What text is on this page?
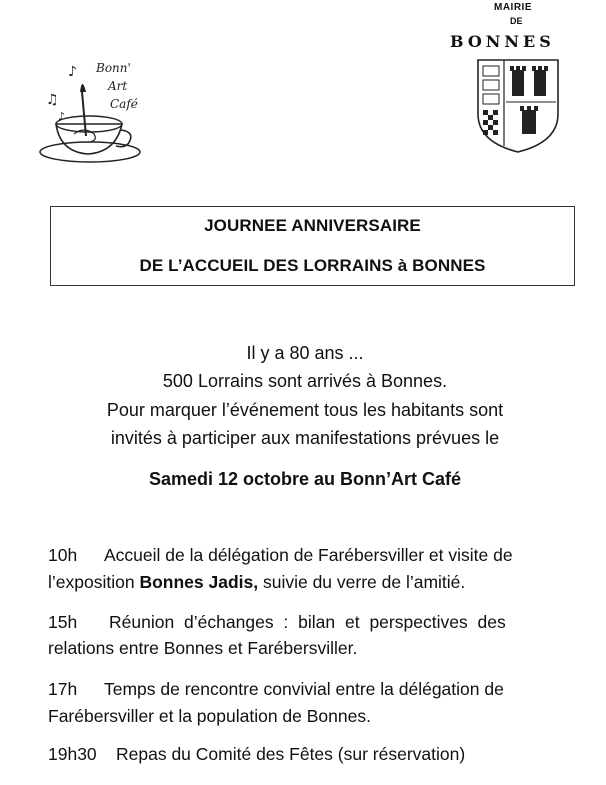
♪
♫
♪
Bonn'
Art
Café
MAIRIE
DE
BONNES
JOURNEE ANNIVERSAIRE
DE L’ACCUEIL DES LORRAINS à BONNES
Il y a 80 ans ...
500 Lorrains sont arrivés à Bonnes.
Pour marquer l’événement tous les habitants sont
invités à participer aux manifestations prévues le
Samedi 12 octobre au Bonn’Art Café
10h Accueil de la délégation de Farébersviller et visite de
l’exposition Bonnes Jadis, suivie du verre de l’amitié.
15h Réunion d’échanges : bilan et perspectives des
relations entre Bonnes et Farébersviller.
17h Temps de rencontre convivial entre la délégation de
Farébersviller et la population de Bonnes.
19h30 Repas du Comité des Fêtes (sur réservation)
